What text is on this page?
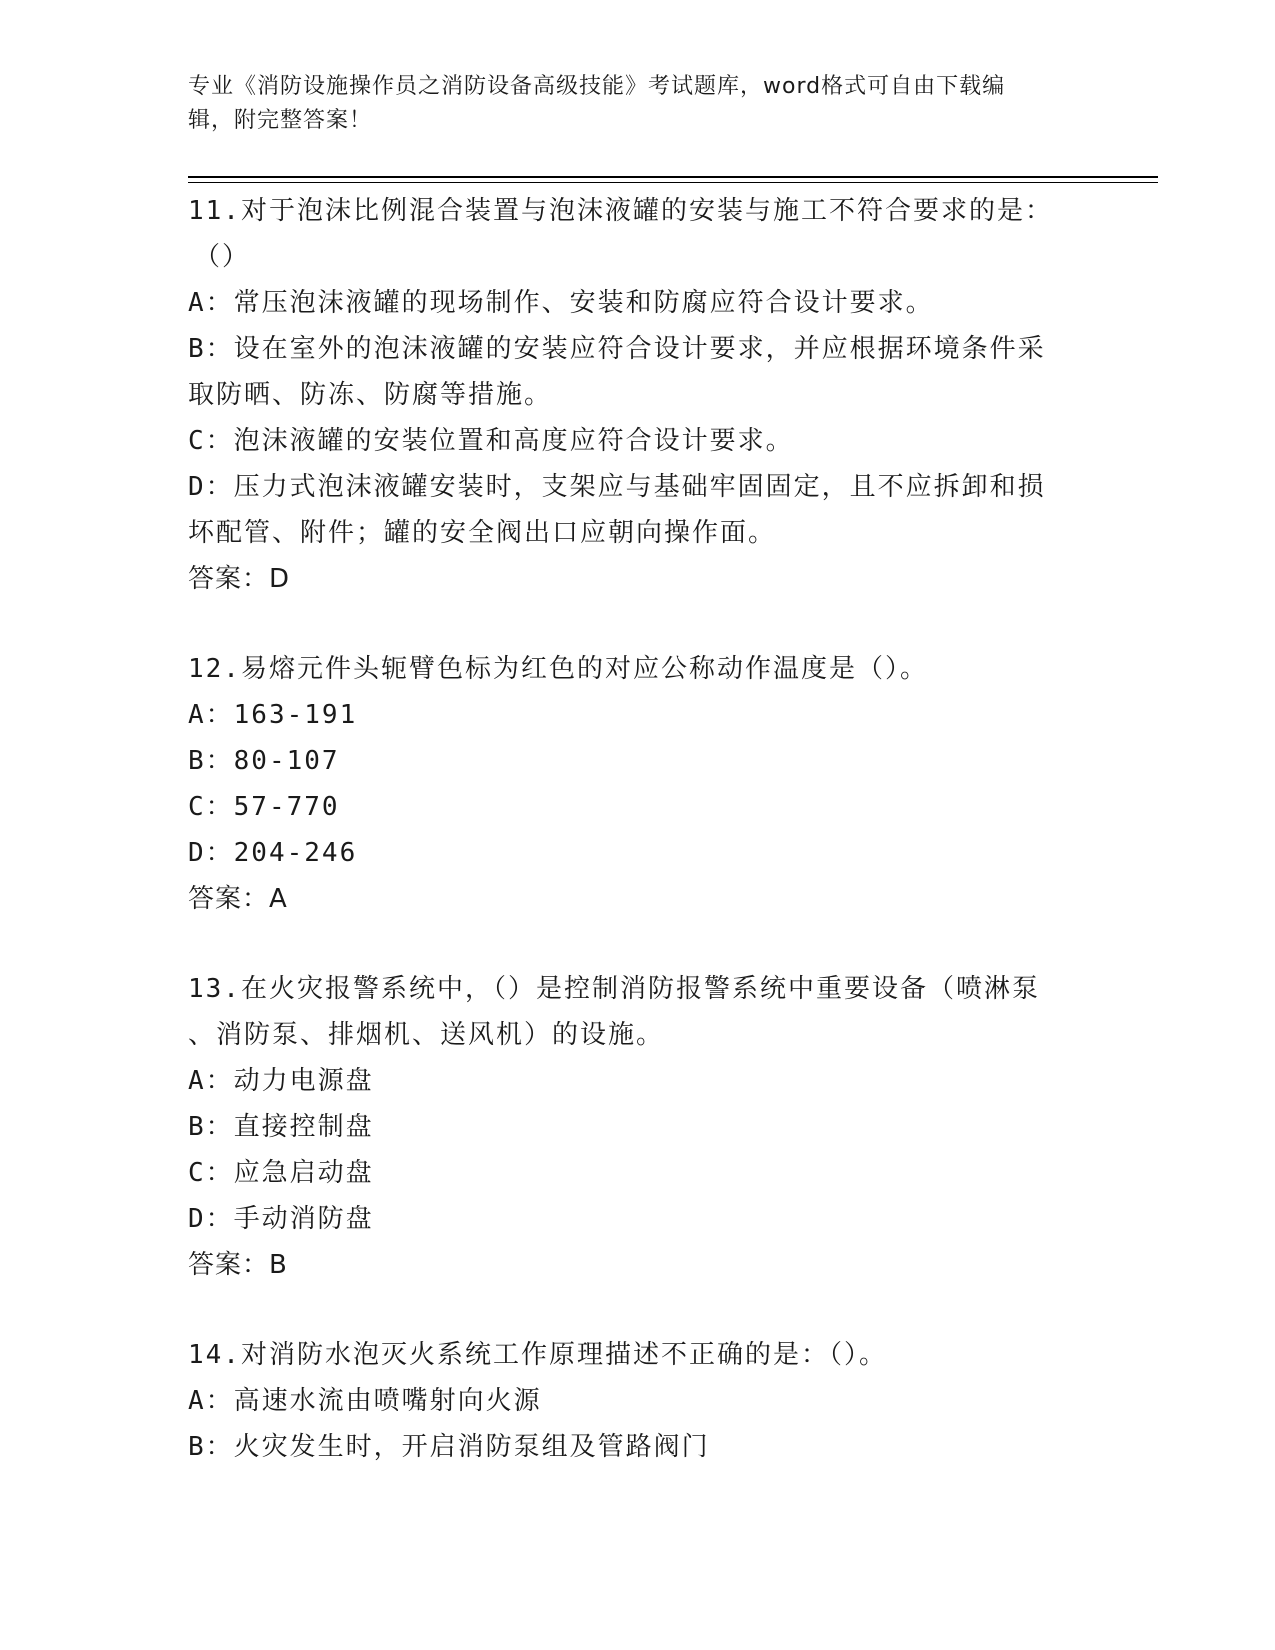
专业《消防设施操作员之消防设备高级技能》考试题库，word格式可自由下载编
辑，附完整答案！
11.对于泡沫比例混合装置与泡沫液罐的安装与施工不符合要求的是：
（）
A：常压泡沫液罐的现场制作、安装和防腐应符合设计要求。
B：设在室外的泡沫液罐的安装应符合设计要求，并应根据环境条件采
取防晒、防冻、防腐等措施。
C：泡沫液罐的安装位置和高度应符合设计要求。
D：压力式泡沫液罐安装时，支架应与基础牢固固定，且不应拆卸和损
坏配管、附件；罐的安全阀出口应朝向操作面。
答案：D
12.易熔元件头轭臂色标为红色的对应公称动作温度是（）。
A：163-191
B：80-107
C：57-770
D：204-246
答案：A
13.在火灾报警系统中，（）是控制消防报警系统中重要设备（喷淋泵
、消防泵、排烟机、送风机）的设施。
A：动力电源盘
B：直接控制盘
C：应急启动盘
D：手动消防盘
答案：B
14.对消防水泡灭火系统工作原理描述不正确的是：（）。
A：高速水流由喷嘴射向火源
B：火灾发生时，开启消防泵组及管路阀门
